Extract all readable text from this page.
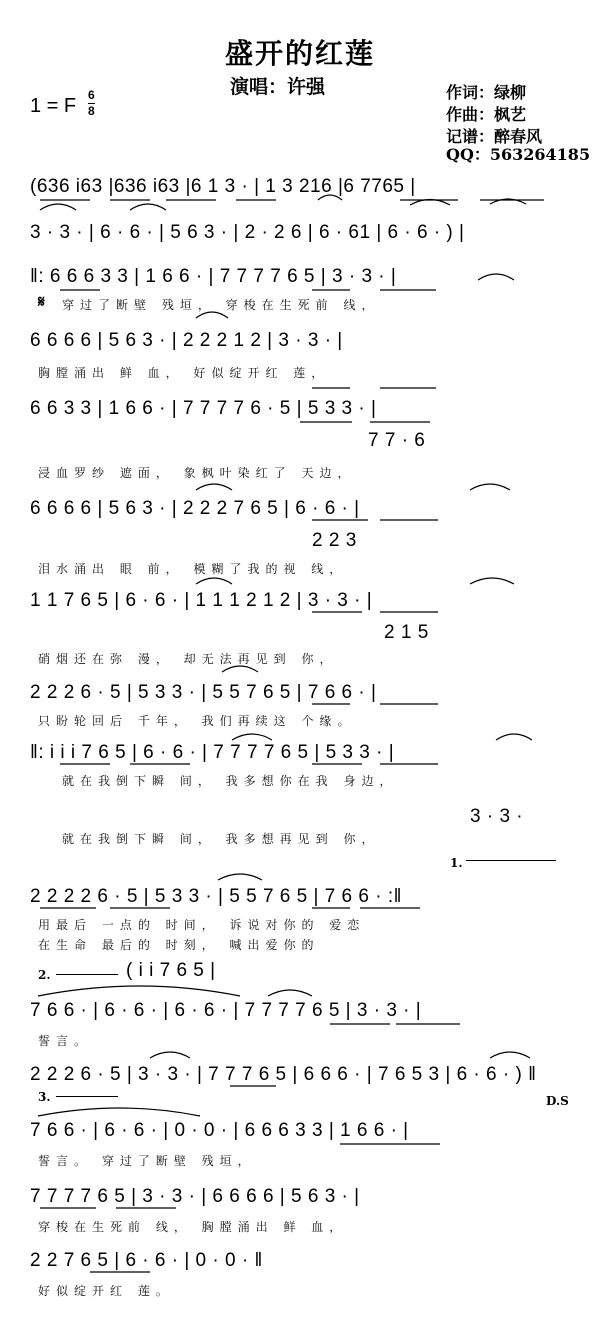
盛开的红莲
演唱：许强
1 = F 6
8
作词：绿柳
作曲：枫艺
记谱：醉春风
QQ：563264185
(636 i63 |636 i63 |6 1 3 · | 1 3 216 |6 7765 |
3 · 3 · | 6 · 6 · | 5 6 3 · | 2 · 2 6 | 6 · 61 | 6 · 6 · ) |
‖: 6 6 6 3 3 | 1 6 6 · | 7 7 7 7 6 5 | 3 · 3 · |
𝄋 穿过了断壁 残垣， 穿梭在生死前 线，
6 6 6 6 | 5 6 3 · | 2 2 2 1 2 | 3 · 3 · |
胸膛涌出 鲜 血， 好似绽开红 莲，
6 6 3 3 | 1 6 6 · | 7 7 7 7 6 · 5 | 5 3 3 · |
7 7 · 6
浸血罗纱 遮面， 象枫叶染红了 天边，
6 6 6 6 | 5 6 3 · | 2 2 2 7 6 5 | 6 · 6 · |
2 2 3
泪水涌出 眼 前， 模糊了我的视 线，
1 1 7 6 5 | 6 · 6 · | 1 1 1 2 1 2 | 3 · 3 · |
2 1 5
硝烟还在弥 漫， 却无法再见到 你，
2 2 2 6 · 5 | 5 3 3 · | 5 5 7 6 5 | 7 6 6 · |
只盼轮回后 千年， 我们再续这 个缘。
‖: i i i 7 6 5 | 6 · 6 · | 7 7 7 7 6 5 | 5 3 3 · |
就在我倒下瞬 间， 我多想你在我 身边，
3 · 3 ·
就在我倒下瞬 间， 我多想再见到 你，
1.
2 2 2 2 6 · 5 | 5 3 3 · | 5 5 7 6 5 | 7 6 6 · :‖
用最后 一点的 时间， 诉说对你的 爱恋
在生命 最后的 时刻， 喊出爱你的
2.	( i i 7 6 5 |
7 6 6 · | 6 · 6 · | 6 · 6 · | 7 7 7 7 6 5 | 3 · 3 · |
誓言。
2 2 2 6 · 5 | 3 · 3 · | 7 7 7 6 5 | 6 6 6 · | 7 6 5 3 | 6 · 6 · ) ‖
3.	D.S
7 6 6 · | 6 · 6 · | 0 · 0 · | 6 6 6 3 3 | 1 6 6 · |
誓言。 穿过了断壁 残垣，
7 7 7 7 6 5 | 3 · 3 · | 6 6 6 6 | 5 6 3 · |
穿梭在生死前 线， 胸膛涌出 鲜 血，
2 2 7 6 5 | 6 · 6 · | 0 · 0 · ‖
好似绽开红 莲。
